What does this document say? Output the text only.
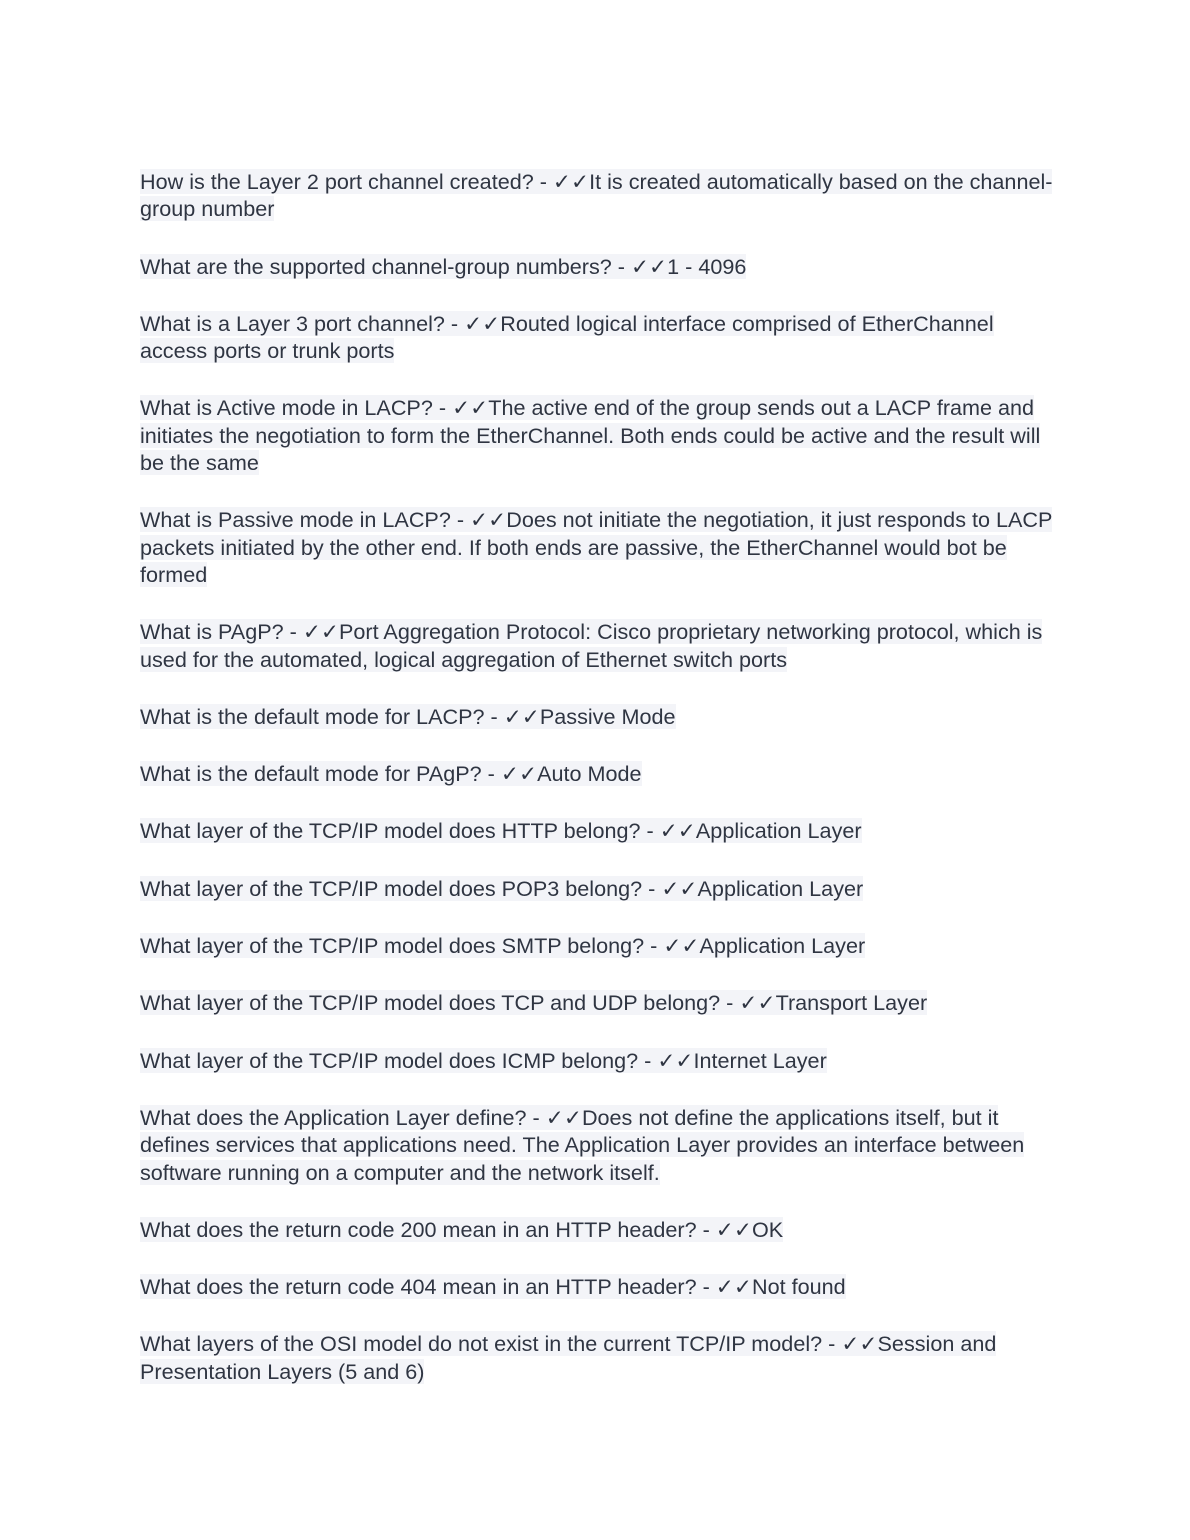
How is the Layer 2 port channel created? - ✓✓It is created automatically based on the channel-group number

What are the supported channel-group numbers? - ✓✓1 - 4096

What is a Layer 3 port channel? - ✓✓Routed logical interface comprised of EtherChannel access ports or trunk ports

What is Active mode in LACP? - ✓✓The active end of the group sends out a LACP frame and initiates the negotiation to form the EtherChannel. Both ends could be active and the result will be the same

What is Passive mode in LACP? - ✓✓Does not initiate the negotiation, it just responds to LACP packets initiated by the other end. If both ends are passive, the EtherChannel would bot be formed

What is PAgP? - ✓✓Port Aggregation Protocol: Cisco proprietary networking protocol, which is used for the automated, logical aggregation of Ethernet switch ports

What is the default mode for LACP? - ✓✓Passive Mode

What is the default mode for PAgP? - ✓✓Auto Mode

What layer of the TCP/IP model does HTTP belong? - ✓✓Application Layer

What layer of the TCP/IP model does POP3 belong? - ✓✓Application Layer

What layer of the TCP/IP model does SMTP belong? - ✓✓Application Layer

What layer of the TCP/IP model does TCP and UDP belong? - ✓✓Transport Layer

What layer of the TCP/IP model does ICMP belong? - ✓✓Internet Layer

What does the Application Layer define? - ✓✓Does not define the applications itself, but it defines services that applications need. The Application Layer provides an interface between software running on a computer and the network itself.

What does the return code 200 mean in an HTTP header? - ✓✓OK

What does the return code 404 mean in an HTTP header? - ✓✓Not found

What layers of the OSI model do not exist in the current TCP/IP model? - ✓✓Session and Presentation Layers (5 and 6)
